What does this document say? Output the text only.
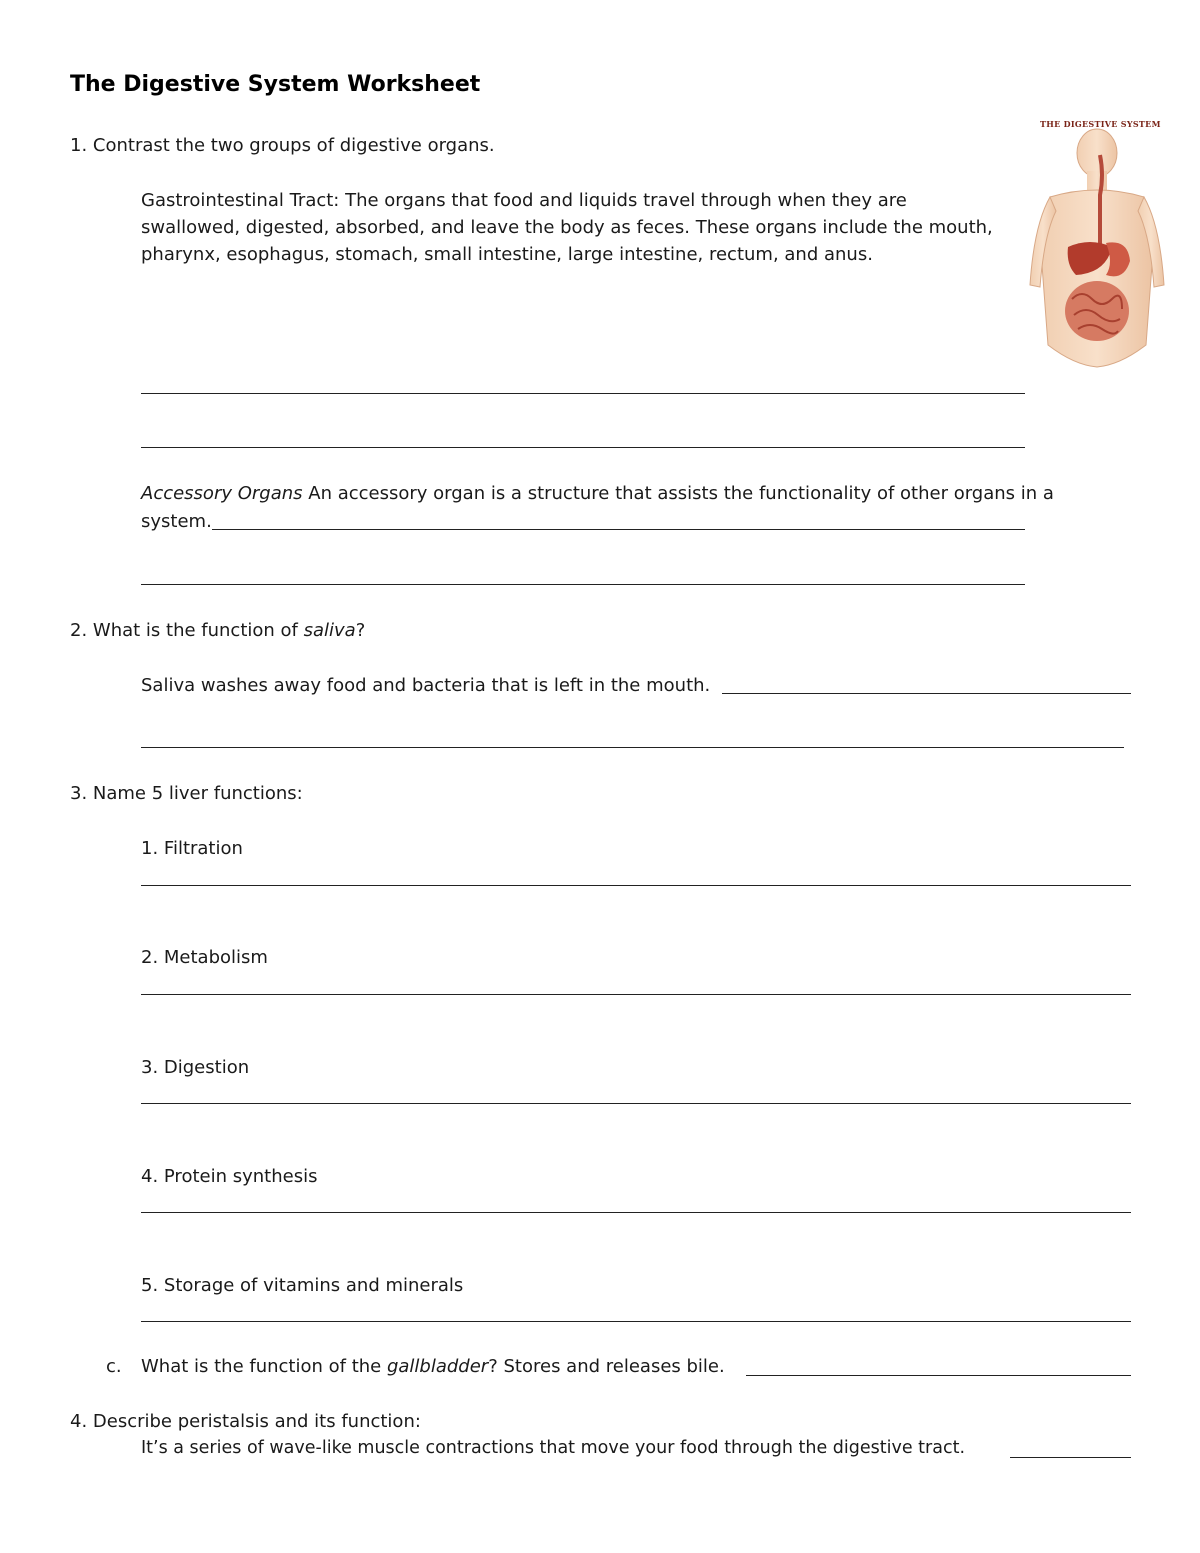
The Digestive System Worksheet
THE DIGESTIVE SYSTEM
1. Contrast the two groups of digestive organs.
Gastrointestinal Tract: The organs that food and liquids travel through when they are
swallowed, digested, absorbed, and leave the body as feces. These organs include the mouth,
pharynx, esophagus, stomach, small intestine, large intestine, rectum, and anus.
Accessory Organs An accessory organ is a structure that assists the functionality of other organs in a
system.
2. What is the function of saliva?
Saliva washes away food and bacteria that is left in the mouth.
3. Name 5 liver functions:
1. Filtration
2. Metabolism
3. Digestion
4. Protein synthesis
5. Storage of vitamins and minerals
c. What is the function of the gallbladder? Stores and releases bile.
4. Describe peristalsis and its function:
It’s a series of wave-like muscle contractions that move your food through the digestive tract.
